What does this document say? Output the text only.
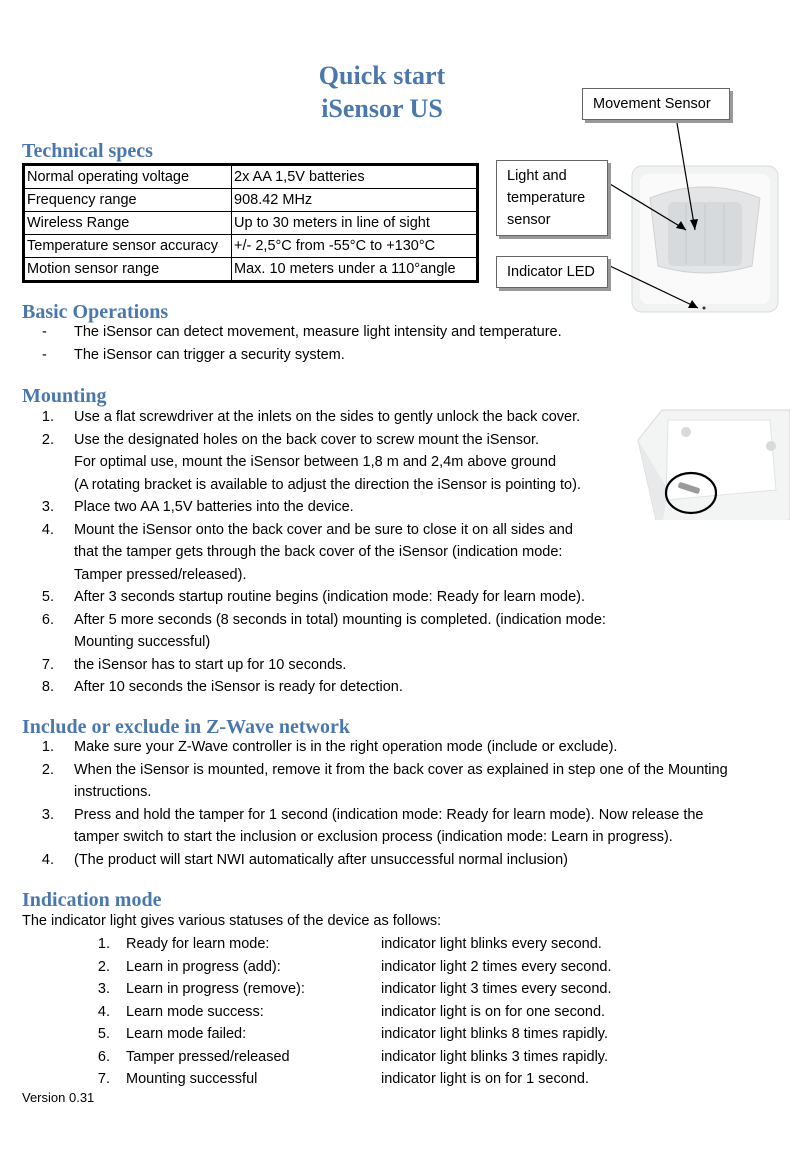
Quick start
iSensor US
Technical specs
Normal operating voltage	2x AA 1,5V batteries
Frequency range	908.42 MHz
Wireless Range	Up to 30 meters in line of sight
Temperature sensor accuracy	+/- 2,5°C from -55°C to +130°C
Motion sensor range	Max. 10 meters under a 110°angle
Movement Sensor
Light and
temperature
sensor
Indicator LED
Basic Operations
- The iSensor can detect movement, measure light intensity and temperature.
- The iSensor can trigger a security system.
Mounting
1. Use a flat screwdriver at the inlets on the sides to gently unlock the back cover.
2. Use the designated holes on the back cover to screw mount the iSensor.
For optimal use, mount the iSensor between 1,8 m and 2,4m above ground
(A rotating bracket is available to adjust the direction the iSensor is pointing to).
3. Place two AA 1,5V batteries into the device.
4. Mount the iSensor onto the back cover and be sure to close it on all sides and
that the tamper gets through the back cover of the iSensor (indication mode:
Tamper pressed/released).
5. After 3 seconds startup routine begins (indication mode: Ready for learn mode).
6. After 5 more seconds (8 seconds in total) mounting is completed. (indication mode:
Mounting successful)
7. the iSensor has to start up for 10 seconds.
8. After 10 seconds the iSensor is ready for detection.
Include or exclude in Z-Wave network
1. Make sure your Z-Wave controller is in the right operation mode (include or exclude).
2. When the iSensor is mounted, remove it from the back cover as explained in step one of the Mounting
instructions.
3. Press and hold the tamper for 1 second (indication mode: Ready for learn mode). Now release the
tamper switch to start the inclusion or exclusion process (indication mode: Learn in progress).
4. (The product will start NWI automatically after unsuccessful normal inclusion)
Indication mode
The indicator light gives various statuses of the device as follows:
1. Ready for learn mode:	indicator light blinks every second.
2. Learn in progress (add):	indicator light 2 times every second.
3. Learn in progress (remove):	indicator light 3 times every second.
4. Learn mode success:	indicator light is on for one second.
5. Learn mode failed:	indicator light blinks 8 times rapidly.
6. Tamper pressed/released	indicator light blinks 3 times rapidly.
7. Mounting successful	indicator light is on for 1 second.
Version 0.31
